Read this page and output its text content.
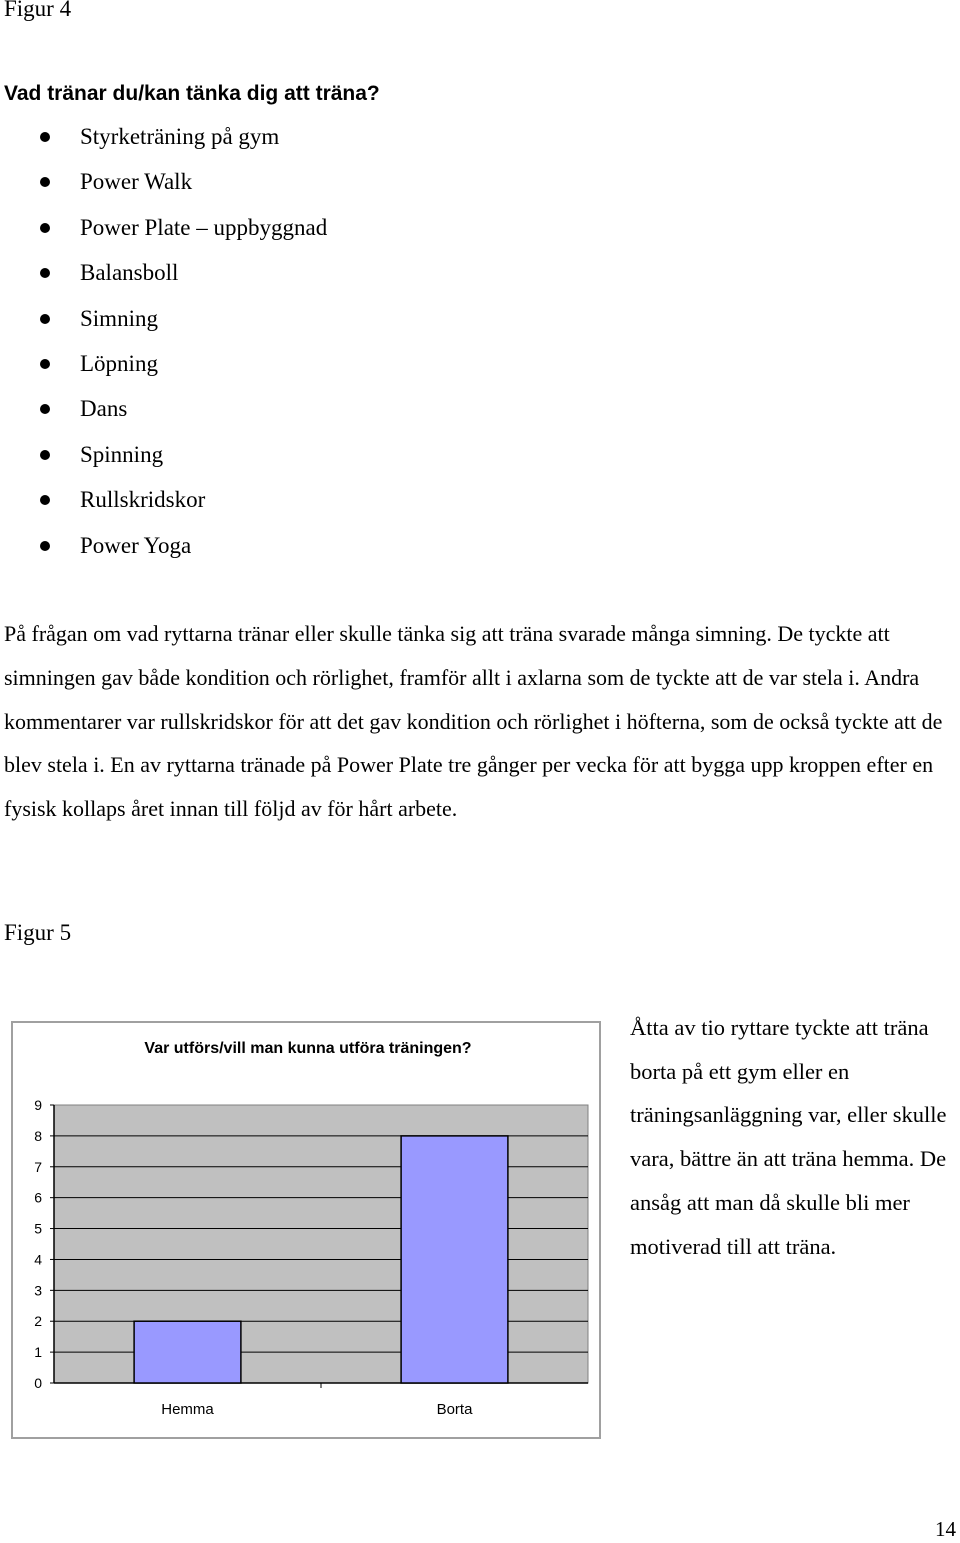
Figur 4

Vad tränar du/kan tänka dig att träna?

Styrketräning på gym
Power Walk
Power Plate – uppbyggnad
Balansboll
Simning
Löpning
Dans
Spinning
Rullskridskor
Power Yoga

På frågan om vad ryttarna tränar eller skulle tänka sig att träna svarade många simning. De tyckte att simningen gav både kondition och rörlighet, framför allt i axlarna som de tyckte att de var stela i. Andra kommentarer var rullskridskor för att det gav kondition och rörlighet i höfterna, som de också tyckte att de blev stela i. En av ryttarna tränade på Power Plate tre gånger per vecka för att bygga upp kroppen efter en fysisk kollaps året innan till följd av för hårt arbete.

Figur 5

Var utförs/vill man kunna utföra träningen?
0
1
2
3
4
5
6
7
8
9
Hemma	Borta

Åtta av tio ryttare tyckte att träna borta på ett gym eller en träningsanläggning var, eller skulle vara, bättre än att träna hemma. De ansåg att man då skulle bli mer motiverad till att träna.

14
